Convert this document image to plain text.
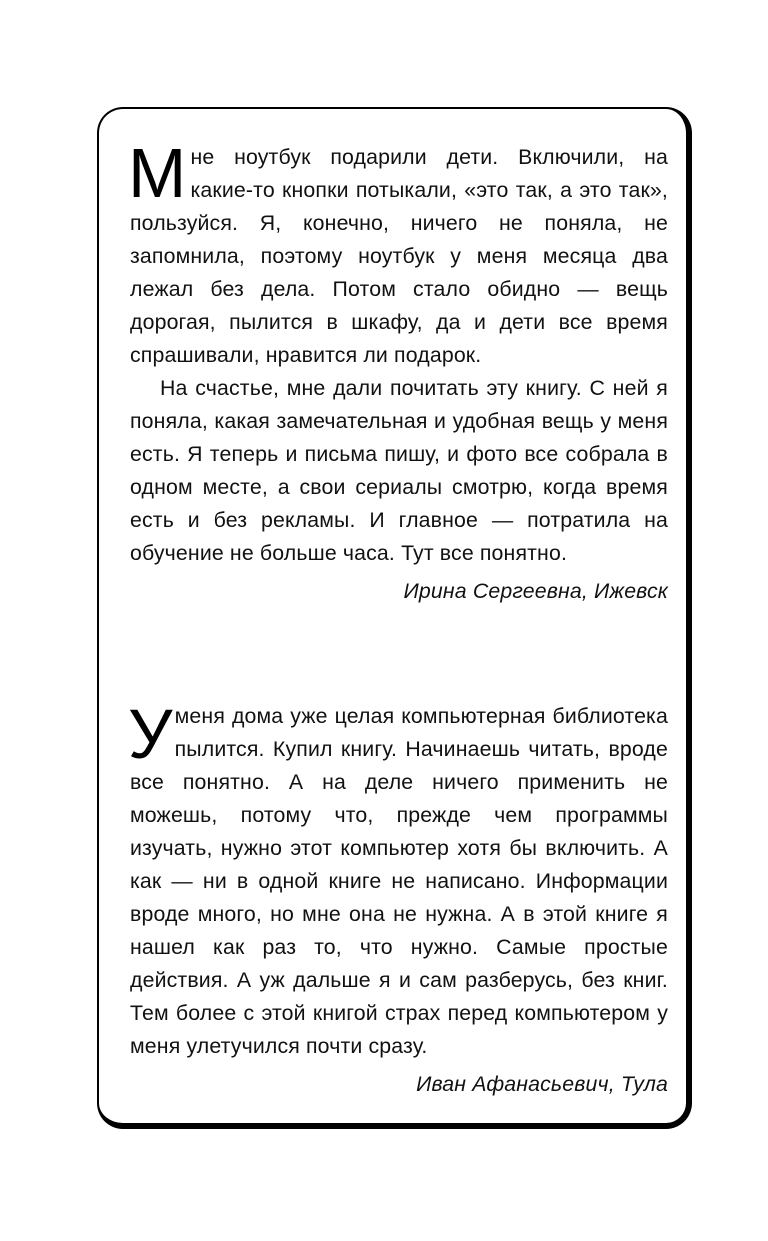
Мне ноутбук подарили дети. Включили, на какие-то кнопки потыкали, «это так, а это так», пользуйся. Я, конечно, ничего не поняла, не запомнила, поэтому ноутбук у меня месяца два лежал без дела. Потом стало обидно — вещь дорогая, пылится в шкафу, да и дети все время спрашивали, нравится ли подарок.

На счастье, мне дали почитать эту книгу. С ней я поняла, какая замечательная и удобная вещь у меня есть. Я теперь и письма пишу, и фото все собрала в одном месте, а свои сериалы смотрю, когда время есть и без рекламы. И главное — потратила на обучение не больше часа. Тут все понятно.

Ирина Сергеевна, Ижевск

Уменя дома уже целая компьютерная библиотека пылится. Купил книгу. Начинаешь читать, вроде все понятно. А на деле ничего применить не можешь, потому что, прежде чем программы изучать, нужно этот компьютер хотя бы включить. А как — ни в одной книге не написано. Информации вроде много, но мне она не нужна. А в этой книге я нашел как раз то, что нужно. Самые простые действия. А уж дальше я и сам разберусь, без книг. Тем более с этой книгой страх перед компьютером у меня улетучился почти сразу.

Иван Афанасьевич, Тула
